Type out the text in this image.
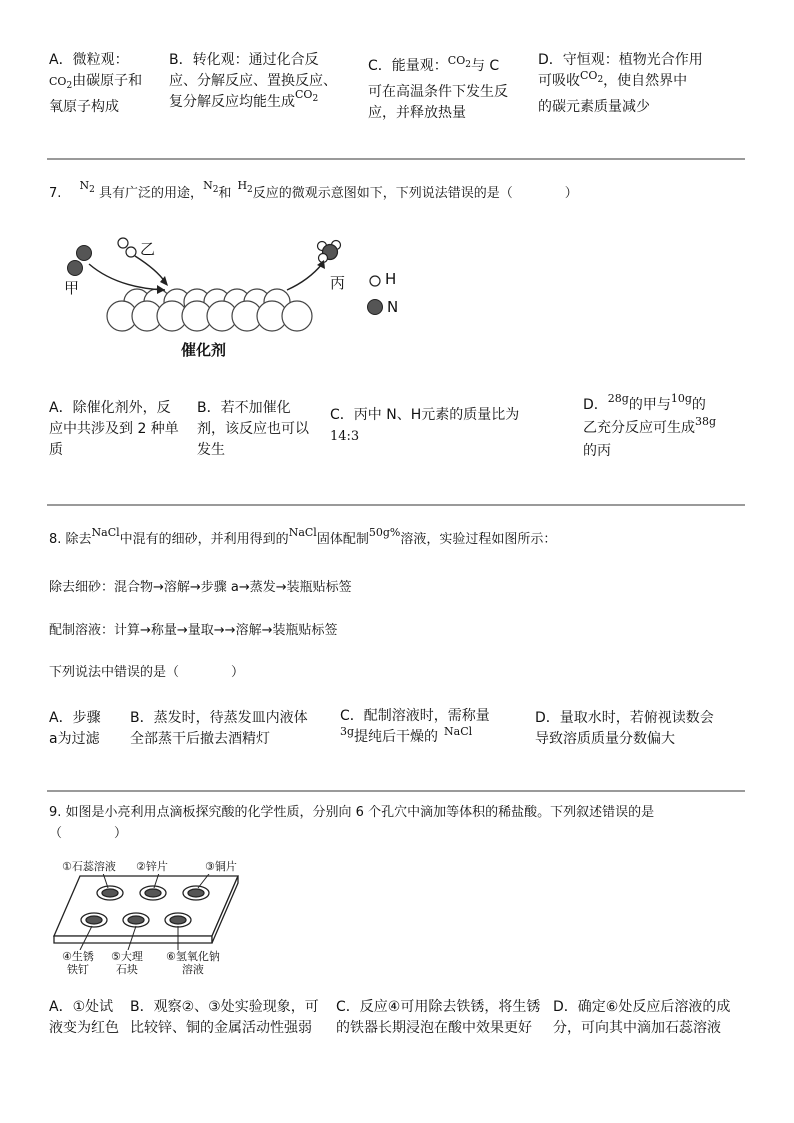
A．微粒观：
$CO_2$由碳原子和
氧原子构成
B．转化观：通过化合反
应、分解反应、置换反应、
复分解反应均能生成$^{CO_2}$
C．能量观：$^{CO_2}$与 C
可在高温条件下发生反
应，并释放热量
D．守恒观：植物光合作用
可吸收$^{CO_2}$，使自然界中
的碳元素质量减少
7. $^{N_2}$ 具有广泛的用途，$^{N_2}$和$^{H_2}$反应的微观示意图如下，下列说法错误的是（　　　　）
甲
乙
丙	H
N
催化剂
A．除催化剂外，反
应中共涉及到 2 种单
质
B．若不加催化
剂，该反应也可以
发生
C．丙中 N、H元素的质量比为
14:3
D．$^{28g}$的甲与$^{10g}$的
乙充分反应可生成$^{38g}$
的丙
8. 除去$^{NaCl}$中混有的细砂，并利用得到的$^{NaCl}$固体配制$^{50g\%}$溶液，实验过程如图所示：
除去细砂：混合物→溶解→步骤 a→蒸发→装瓶贴标签
配制溶液：计算→称量→量取→→溶解→装瓶贴标签
下列说法中错误的是（　　　　）
A．步骤
a为过滤
B．蒸发时，待蒸发皿内液体
全部蒸干后撤去酒精灯
C．配制溶液时，需称量
$^{3g}$提纯后干燥的 $^{NaCl}$
D．量取水时，若俯视读数会
导致溶质质量分数偏大
9. 如图是小亮利用点滴板探究酸的化学性质，分别向 6 个孔穴中滴加等体积的稀盐酸。下列叙述错误的是
（　　　　）
①石蕊溶液 ②锌片	③铜片
④生锈
铁钉
⑤大理
石块
⑥氢氧化钠
溶液
A．①处试
液变为红色
B．观察②、③处实验现象，可
比较锌、铜的金属活动性强弱
C．反应④可用除去铁锈，将生锈
的铁器长期浸泡在酸中效果更好
D．确定⑥处反应后溶液的成
分，可向其中滴加石蕊溶液
